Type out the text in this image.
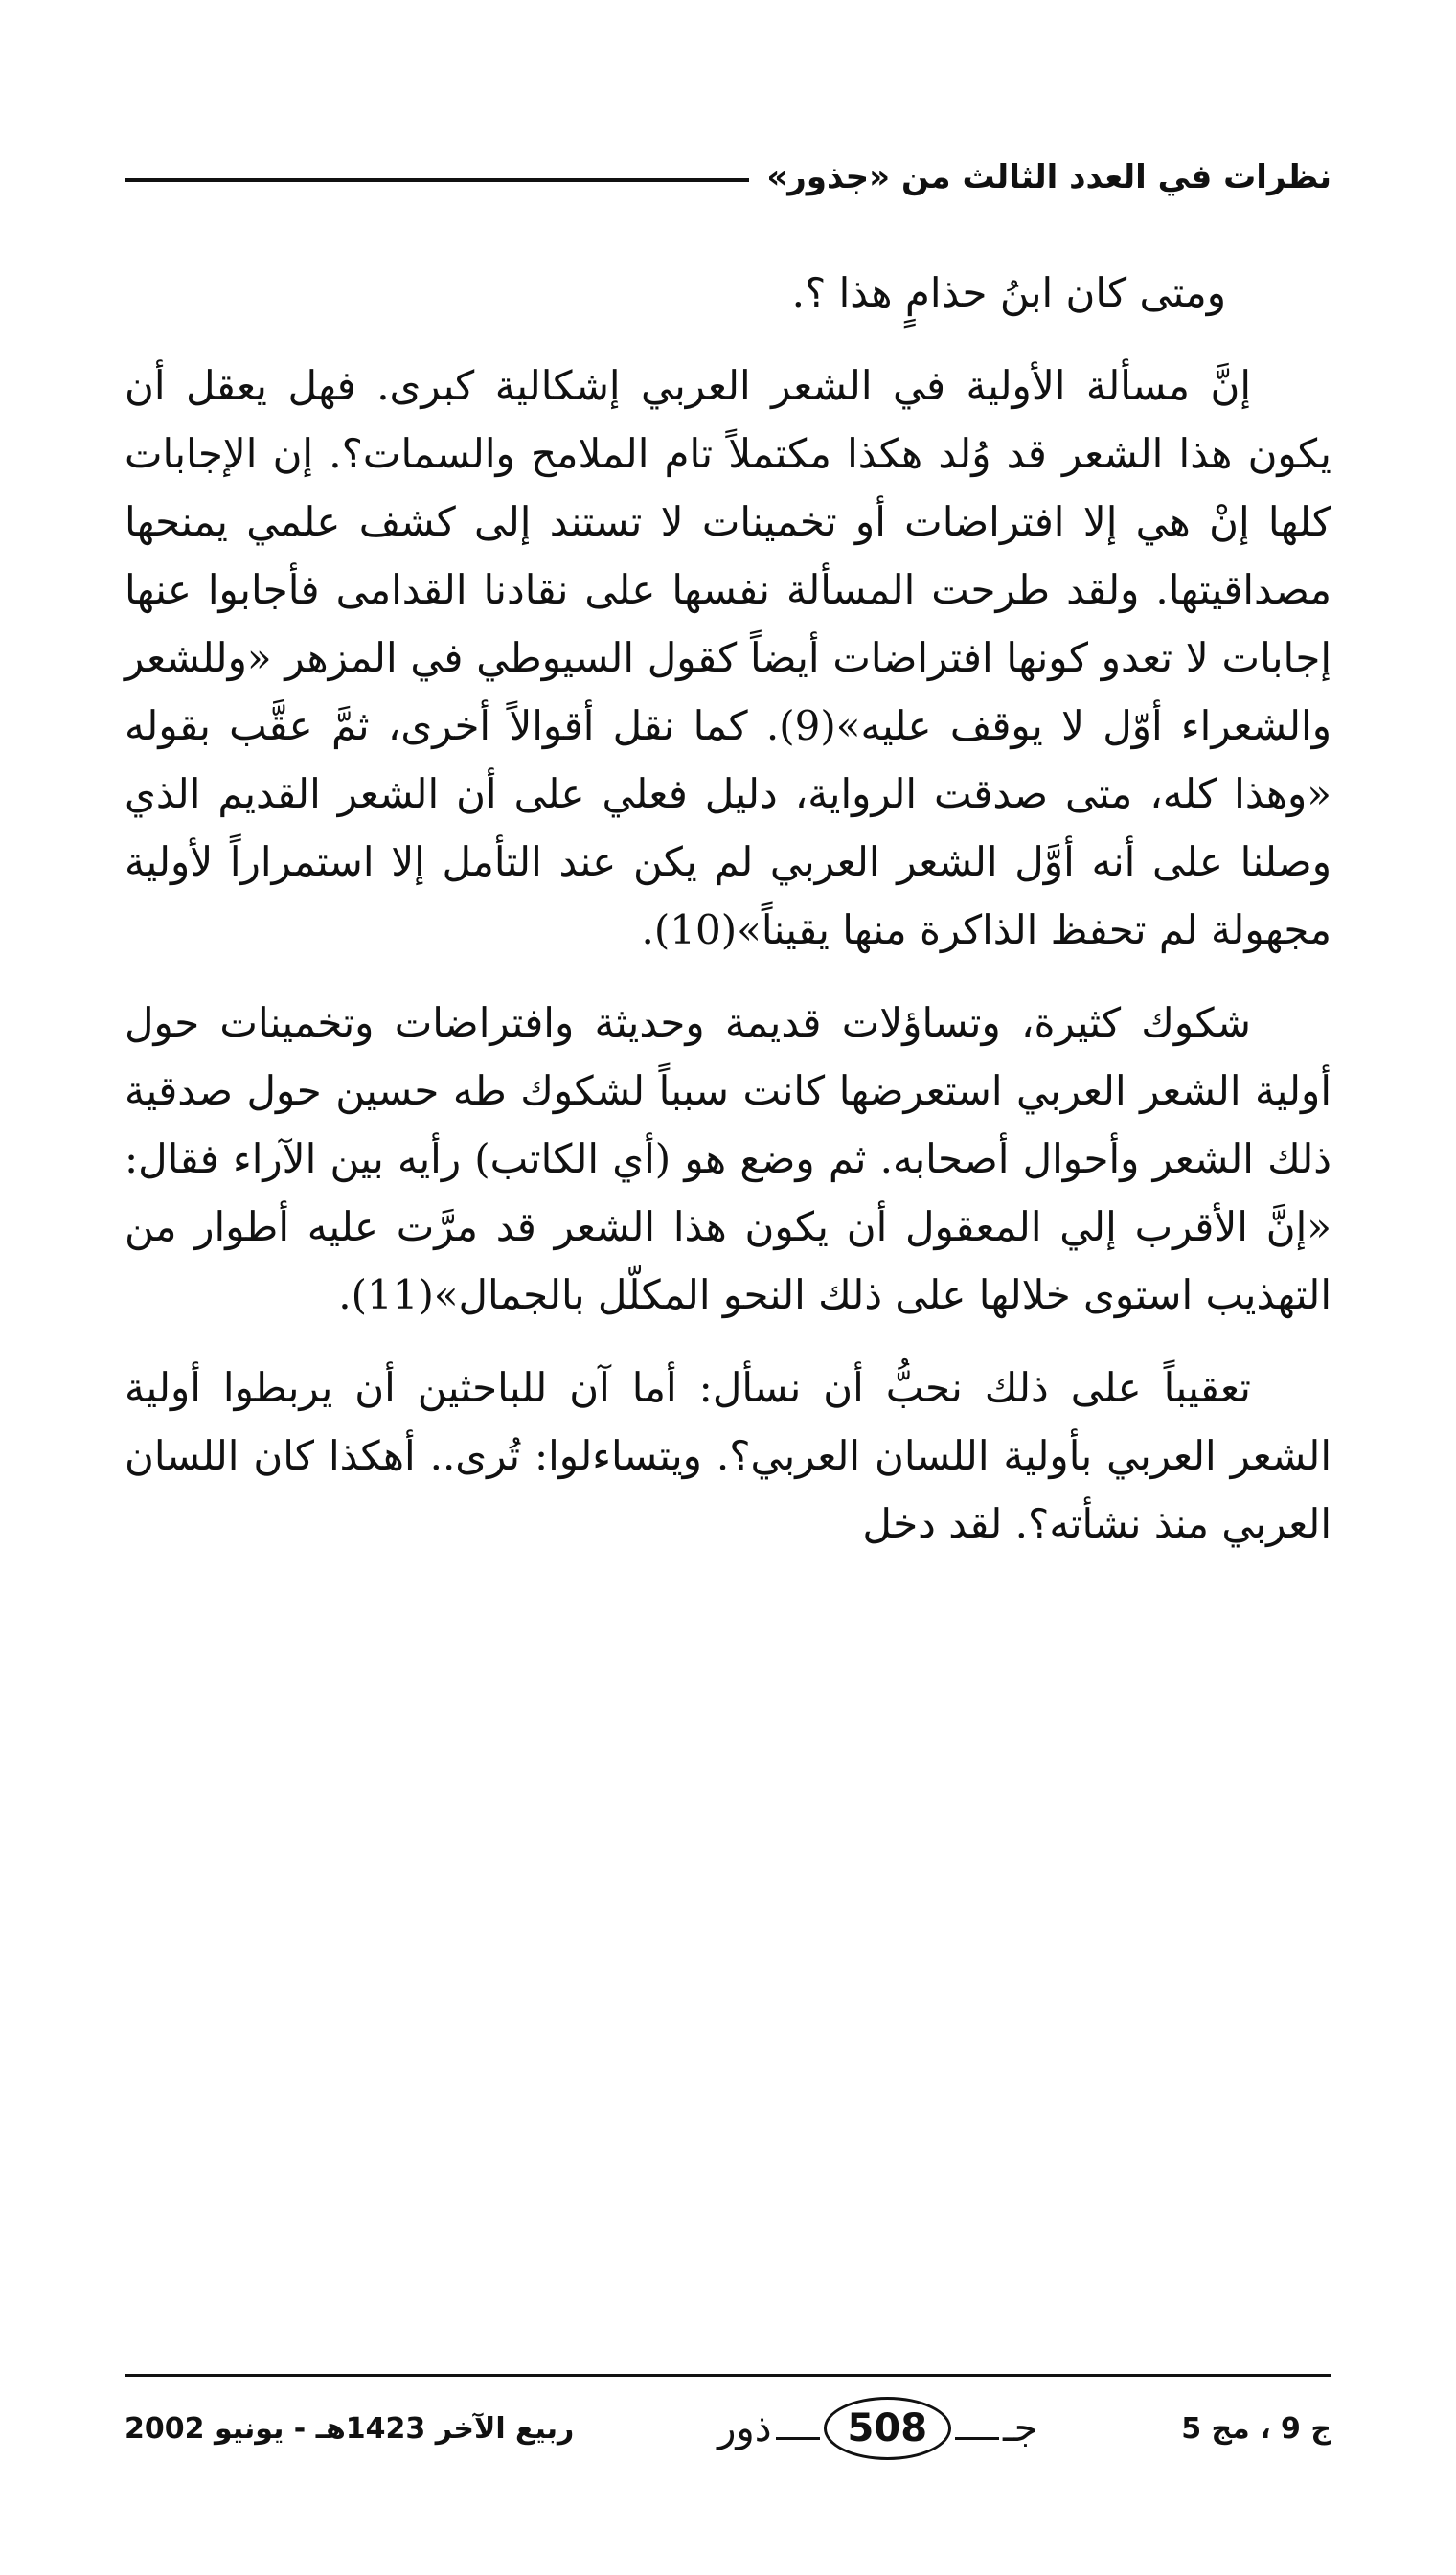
نظرات في العدد الثالث من «جذور»

ومتى كان ابنُ حذامٍ هذا ؟.

إنَّ مسألة الأولية في الشعر العربي إشكالية كبرى. فهل يعقل أن يكون هذا الشعر قد وُلد هكذا مكتملاً تام الملامح والسمات؟. إن الإجابات كلها إنْ هي إلا افتراضات أو تخمينات لا تستند إلى كشف علمي يمنحها مصداقيتها. ولقد طرحت المسألة نفسها على نقادنا القدامى فأجابوا عنها إجابات لا تعدو كونها افتراضات أيضاً كقول السيوطي في المزهر «وللشعر والشعراء أوّل لا يوقف عليه»(9). كما نقل أقوالاً أخرى، ثمَّ عقَّب بقوله «وهذا كله، متى صدقت الرواية، دليل فعلي على أن الشعر القديم الذي وصلنا على أنه أوَّل الشعر العربي لم يكن عند التأمل إلا استمراراً لأولية مجهولة لم تحفظ الذاكرة منها يقيناً»(10).

شكوك كثيرة، وتساؤلات قديمة وحديثة وافتراضات وتخمينات حول أولية الشعر العربي استعرضها كانت سبباً لشكوك طه حسين حول صدقية ذلك الشعر وأحوال أصحابه. ثم وضع هو (أي الكاتب) رأيه بين الآراء فقال: «إنَّ الأقرب إلي المعقول أن يكون هذا الشعر قد مرَّت عليه أطوار من التهذيب استوى خلالها على ذلك النحو المكلّل بالجمال»(11).

تعقيباً على ذلك نحبُّ أن نسأل: أما آن للباحثين أن يربطوا أولية الشعر العربي بأولية اللسان العربي؟. ويتساءلوا: تُرى.. أهكذا كان اللسان العربي منذ نشأته؟. لقد دخل

ج 9 ، مج 5
جـ
508
ذور
ربيع الآخر 1423هـ - يونيو 2002
